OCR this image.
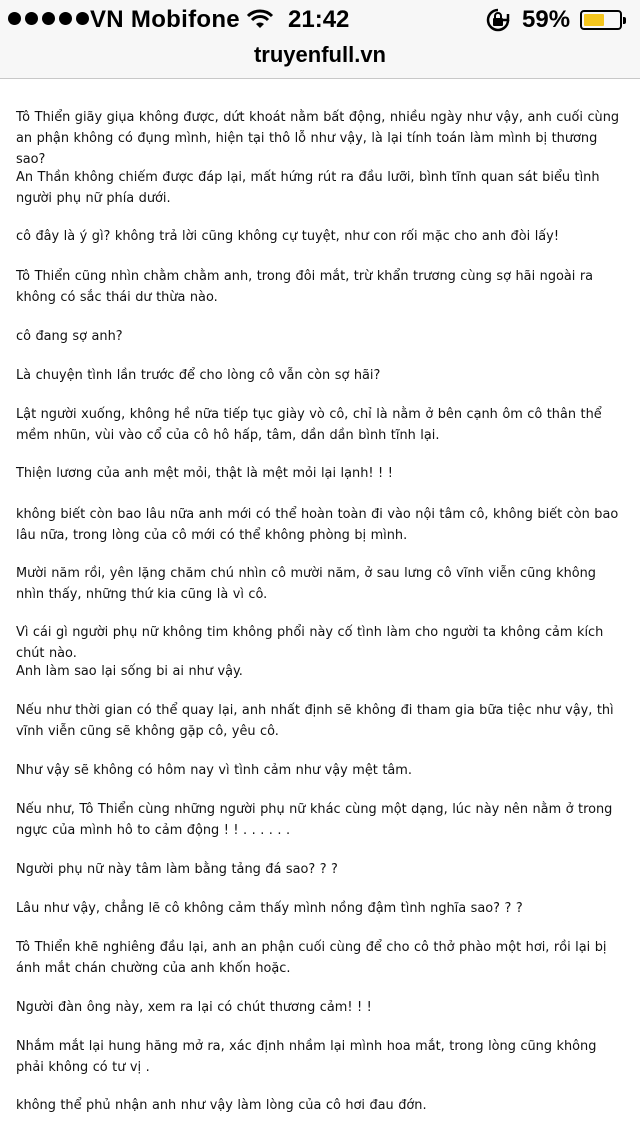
VN Mobifone 21:42	59%
truyenfull.vn

Tô Thiển giãy giụa không được, dứt khoát nằm bất động, nhiều ngày như vậy, anh cuối cùng an phận không có đụng mình, hiện tại thô lỗ như vậy, là lại tính toán làm mình bị thương sao?

An Thần không chiếm được đáp lại, mất hứng rút ra đầu lưỡi, bình tĩnh quan sát biểu tình người phụ nữ phía dưới.

cô đây là ý gì? không trả lời cũng không cự tuyệt, như con rối mặc cho anh đòi lấy!

Tô Thiển cũng nhìn chằm chằm anh, trong đôi mắt, trừ khẩn trương cùng sợ hãi ngoài ra không có sắc thái dư thừa nào.

cô đang sợ anh?

Là chuyện tình lần trước để cho lòng cô vẫn còn sợ hãi?

Lật người xuống, không hề nữa tiếp tục giày vò cô, chỉ là nằm ở bên cạnh ôm cô thân thể mềm nhũn, vùi vào cổ của cô hô hấp, tâm, dần dần bình tĩnh lại.

Thiện lương của anh mệt mỏi, thật là mệt mỏi lại lạnh! ! !

không biết còn bao lâu nữa anh mới có thể hoàn toàn đi vào nội tâm cô, không biết còn bao lâu nữa, trong lòng của cô mới có thể không phòng bị mình.

Mười năm rồi, yên lặng chăm chú nhìn cô mười năm, ở sau lưng cô vĩnh viễn cũng không nhìn thấy, những thứ kia cũng là vì cô.

Vì cái gì người phụ nữ không tim không phổi này cố tình làm cho người ta không cảm kích chút nào.

Anh làm sao lại sống bi ai như vậy.

Nếu như thời gian có thể quay lại, anh nhất định sẽ không đi tham gia bữa tiệc như vậy, thì vĩnh viễn cũng sẽ không gặp cô, yêu cô.

Như vậy sẽ không có hôm nay vì tình cảm như vậy mệt tâm.

Nếu như, Tô Thiển cùng những người phụ nữ khác cùng một dạng, lúc này nên nằm ở trong ngực của mình hô to cảm động ! ! . . . . . .

Người phụ nữ này tâm làm bằng tảng đá sao? ? ?

Lâu như vậy, chẳng lẽ cô không cảm thấy mình nồng đậm tình nghĩa sao? ? ?

Tô Thiển khẽ nghiêng đầu lại, anh an phận cuối cùng để cho cô thở phào một hơi, rồi lại bị ánh mắt chán chường của anh khốn hoặc.

Người đàn ông này, xem ra lại có chút thương cảm! ! !

Nhắm mắt lại hung hăng mở ra, xác định nhầm lại mình hoa mắt, trong lòng cũng không phải không có tư vị .

không thể phủ nhận anh như vậy làm lòng của cô hơi đau đớn.
